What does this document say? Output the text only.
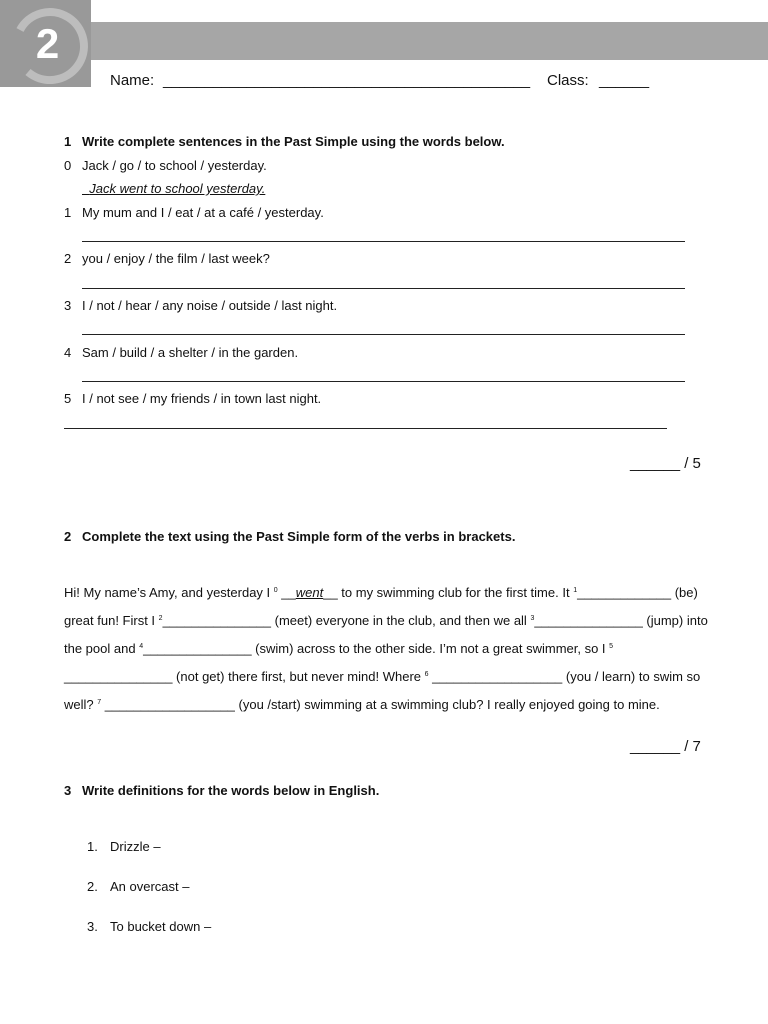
2
Name: ____________________________________________ Class: ______
1 Write complete sentences in the Past Simple using the words below.
0 Jack / go / to school / yesterday.
Jack went to school yesterday.
1 My mum and I / eat / at a café / yesterday.
2 you / enjoy / the film / last week?
3 I / not / hear / any noise / outside / last night.
4 Sam / build / a shelter / in the garden.
5 I / not see / my friends / in town last night.
______ / 5
2 Complete the text using the Past Simple form of the verbs in brackets.
Hi! My name’s Amy, and yesterday I $^0$ __went__ to my swimming club for the first time. It $^1$_____________ (be)
great fun! First I $^2$_______________ (meet) everyone in the club, and then we all $^3$_______________ (jump) into
the pool and $^4$_______________ (swim) across to the other side. I’m not a great swimmer, so I $^5$
_______________ (not get) there first, but never mind! Where $^6$ __________________ (you / learn) to swim so
well? $^7$ __________________ (you /start) swimming at a swimming club? I really enjoyed going to mine.
______ / 7
3 Write definitions for the words below in English.
1. Drizzle –
2. An overcast –
3. To bucket down –
